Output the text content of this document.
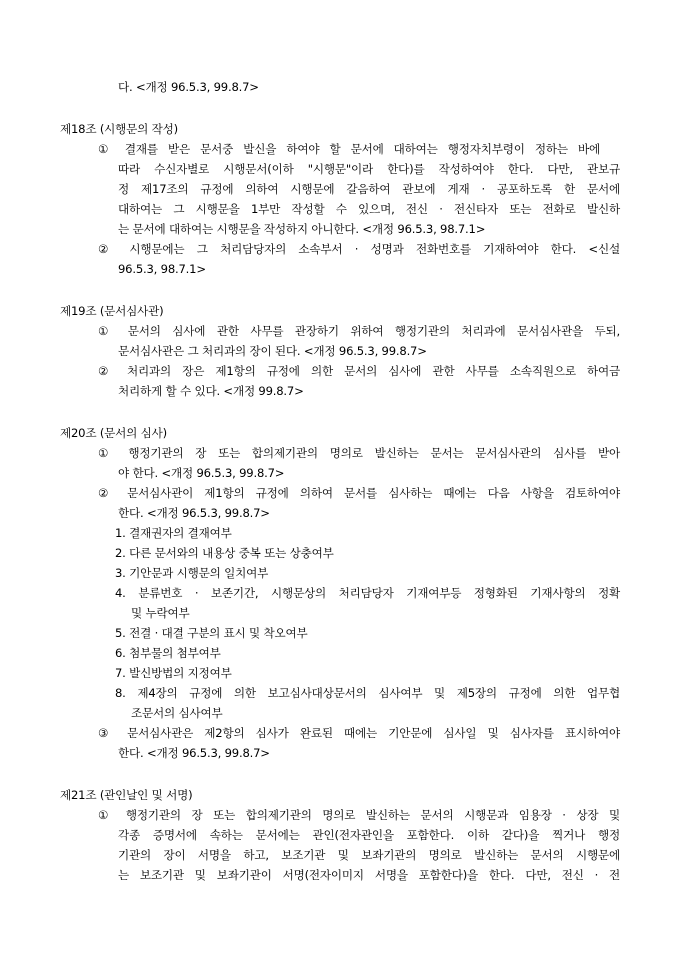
다. <개정 96.5.3, 99.8.7>
제18조 (시행문의 작성)
① 결재를 받은 문서중 발신을 하여야 할 문서에 대하여는 행정자치부령이 정하는 바에
따라 수신자별로 시행문서(이하 "시행문"이라 한다)를 작성하여야 한다. 다만, 관보규
정 제17조의 규정에 의하여 시행문에 갈음하여 관보에 게재 · 공포하도록 한 문서에
대하여는 그 시행문을 1부만 작성할 수 있으며, 전신 · 전신타자 또는 전화로 발신하
는 문서에 대하여는 시행문을 작성하지 아니한다. <개정 96.5.3, 98.7.1>
② 시행문에는 그 처리담당자의 소속부서 · 성명과 전화번호를 기재하여야 한다. <신설
96.5.3, 98.7.1>
제19조 (문서심사관)
① 문서의 심사에 관한 사무를 관장하기 위하여 행정기관의 처리과에 문서심사관을 두되,
문서심사관은 그 처리과의 장이 된다. <개정 96.5.3, 99.8.7>
② 처리과의 장은 제1항의 규정에 의한 문서의 심사에 관한 사무를 소속직원으로 하여금
처리하게 할 수 있다. <개정 99.8.7>
제20조 (문서의 심사)
① 행정기관의 장 또는 합의제기관의 명의로 발신하는 문서는 문서심사관의 심사를 받아
야 한다. <개정 96.5.3, 99.8.7>
② 문서심사관이 제1항의 규정에 의하여 문서를 심사하는 때에는 다음 사항을 검토하여야
한다. <개정 96.5.3, 99.8.7>
1. 결재권자의 결재여부
2. 다른 문서와의 내용상 중복 또는 상충여부
3. 기안문과 시행문의 일치여부
4. 분류번호 · 보존기간, 시행문상의 처리담당자 기재여부등 정형화된 기재사항의 정확
및 누락여부
5. 전결 · 대결 구분의 표시 및 착오여부
6. 첨부물의 첨부여부
7. 발신방법의 지정여부
8. 제4장의 규정에 의한 보고심사대상문서의 심사여부 및 제5장의 규정에 의한 업무협
조문서의 심사여부
③ 문서심사관은 제2항의 심사가 완료된 때에는 기안문에 심사일 및 심사자를 표시하여야
한다. <개정 96.5.3, 99.8.7>
제21조 (관인날인 및 서명)
① 행정기관의 장 또는 합의제기관의 명의로 발신하는 문서의 시행문과 임용장 · 상장 및
각종 증명서에 속하는 문서에는 관인(전자관인을 포함한다. 이하 같다)을 찍거나 행정
기관의 장이 서명을 하고, 보조기관 및 보좌기관의 명의로 발신하는 문서의 시행문에
는 보조기관 및 보좌기관이 서명(전자이미지 서명을 포함한다)을 한다. 다만, 전신 · 전
